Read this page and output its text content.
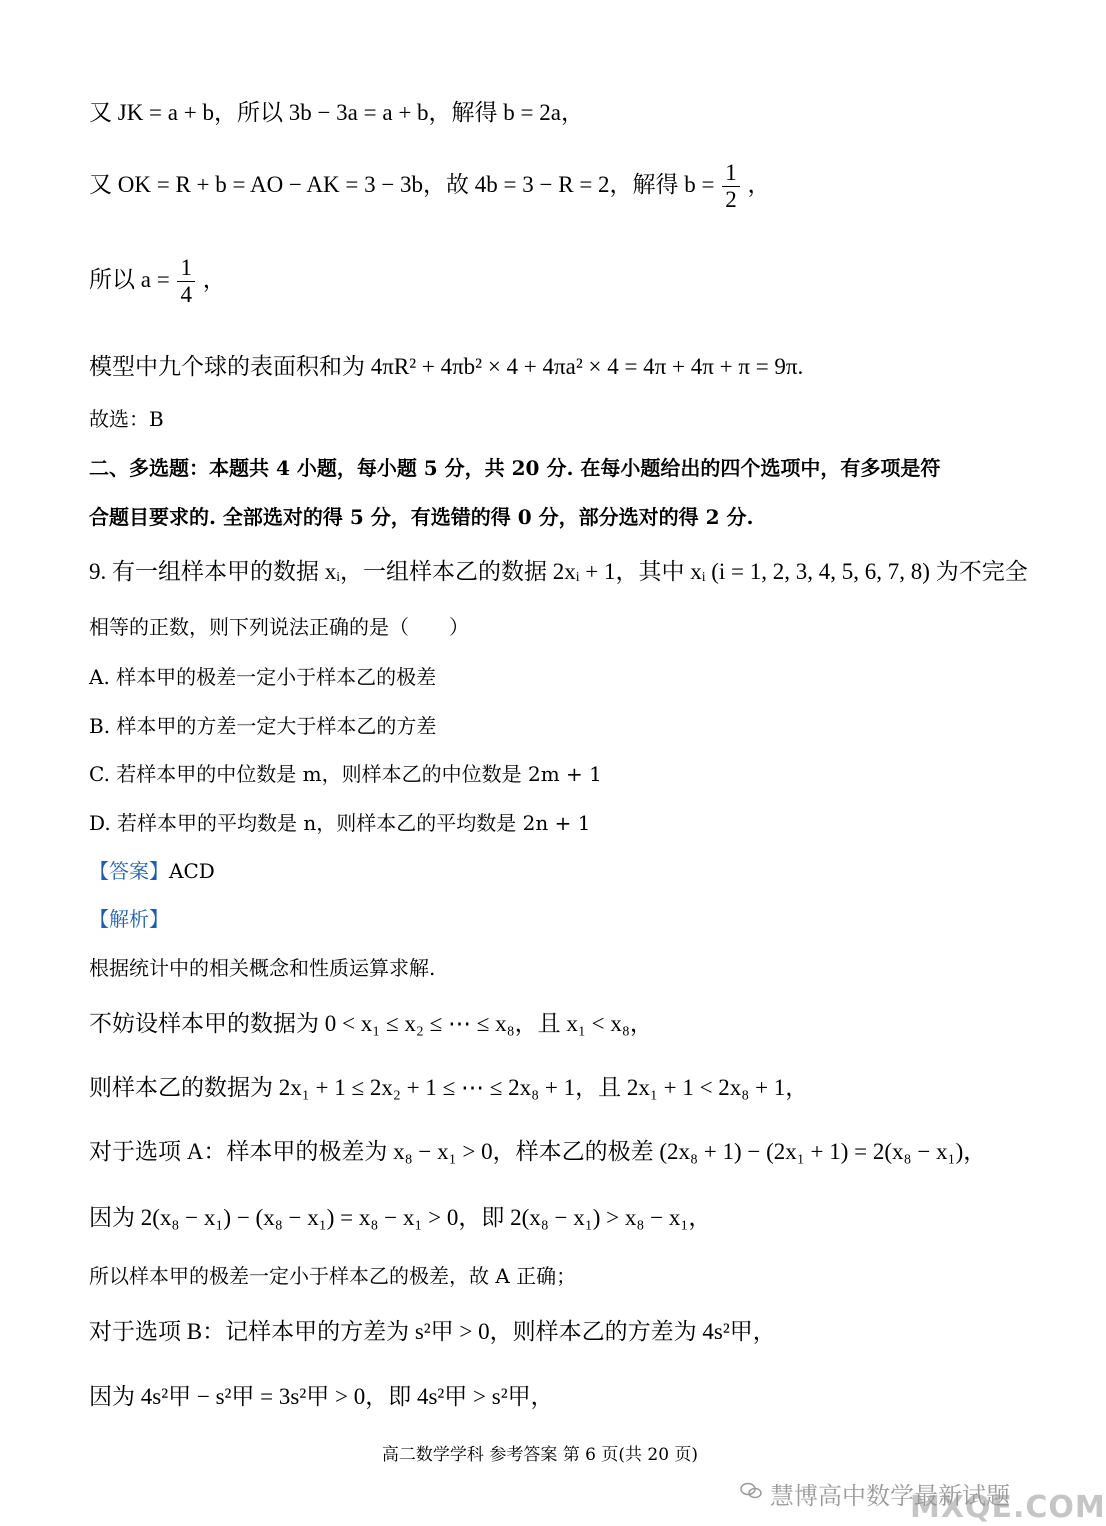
又 JK = a + b，所以 3b − 3a = a + b，解得 b = 2a，
又 OK = R + b = AO − AK = 3 − 3b，故 4b = 3 − R = 2，解得 $b = \frac{1}{2}$ ，
所以 $a = \frac{1}{4}$ ，
模型中九个球的表面积和为 4πR² + 4πb² × 4 + 4πa² × 4 = 4π + 4π + π = 9π.
故选：B
二、多选题：本题共 4 小题，每小题 5 分，共 20 分. 在每小题给出的四个选项中，有多项是符
合题目要求的. 全部选对的得 5 分，有选错的得 0 分，部分选对的得 2 分.
9. 有一组样本甲的数据 xᵢ，一组样本乙的数据 2xᵢ + 1，其中 xᵢ (i = 1, 2, 3, 4, 5, 6, 7, 8) 为不完全
相等的正数，则下列说法正确的是（　　）
A. 样本甲的极差一定小于样本乙的极差
B. 样本甲的方差一定大于样本乙的方差
C. 若样本甲的中位数是 m，则样本乙的中位数是 2m + 1
D. 若样本甲的平均数是 n，则样本乙的平均数是 2n + 1
【答案】ACD
【解析】
根据统计中的相关概念和性质运算求解.
不妨设样本甲的数据为 0 < x₁ ≤ x₂ ≤ ⋯ ≤ x₈，且 x₁ < x₈，
则样本乙的数据为 2x₁ + 1 ≤ 2x₂ + 1 ≤ ⋯ ≤ 2x₈ + 1，且 2x₁ + 1 < 2x₈ + 1，
对于选项 A：样本甲的极差为 x₈ − x₁ > 0，样本乙的极差 (2x₈ + 1) − (2x₁ + 1) = 2(x₈ − x₁)，
因为 2(x₈ − x₁) − (x₈ − x₁) = x₈ − x₁ > 0，即 2(x₈ − x₁) > x₈ − x₁，
所以样本甲的极差一定小于样本乙的极差，故 A 正确；
对于选项 B：记样本甲的方差为 s²甲 > 0，则样本乙的方差为 4s²甲，
因为 4s²甲 − s²甲 = 3s²甲 > 0，即 4s²甲 > s²甲，
高二数学学科 参考答案 第 6 页(共 20 页)
慧博高中数学最新试题
MXQE.COM
